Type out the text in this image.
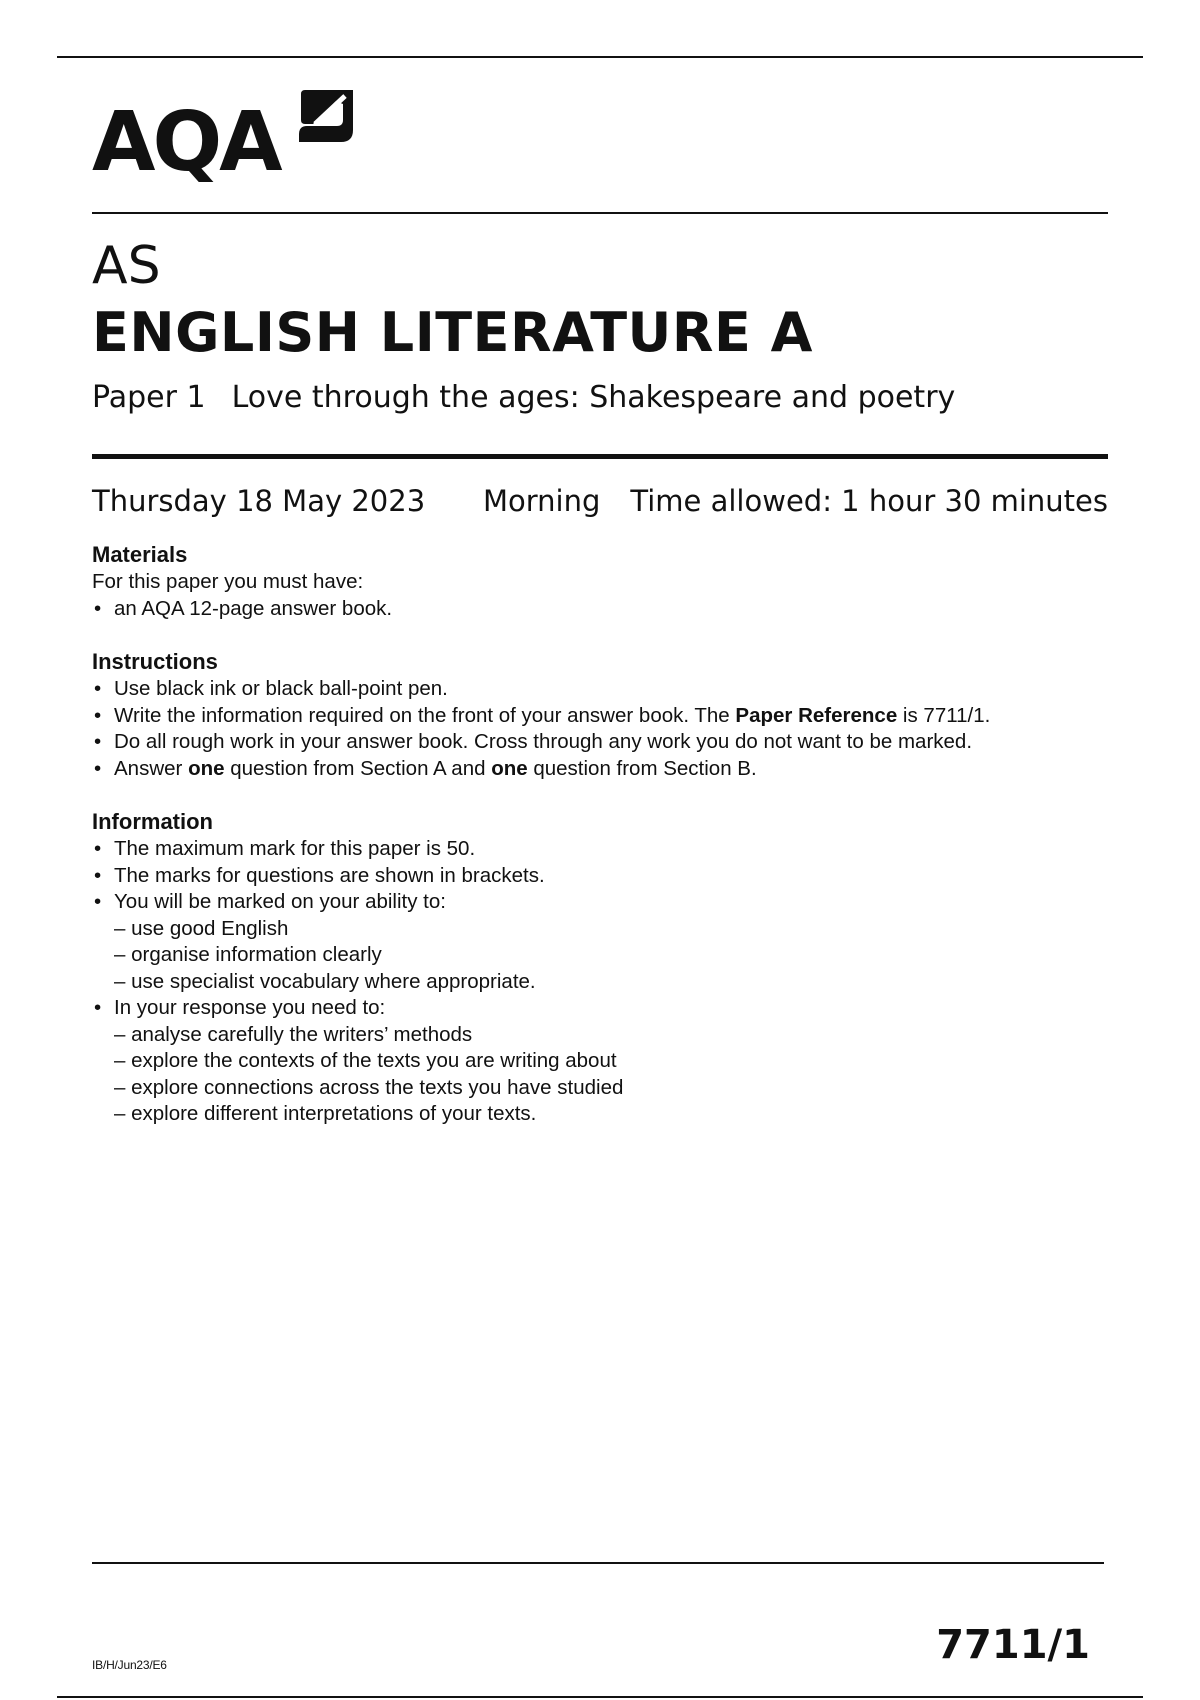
AQA
AS
ENGLISH LITERATURE A
Paper 1 Love through the ages: Shakespeare and poetry
Thursday 18 May 2023 Morning Time allowed: 1 hour 30 minutes
Materials

For this paper you must have:

• an AQA 12-page answer book.
Instructions
• Use black ink or black ball-point pen.
• Write the information required on the front of your answer book. The Paper Reference is 7711/1.
• Do all rough work in your answer book. Cross through any work you do not want to be marked.
• Answer one question from Section A and one question from Section B.
Information
• The maximum mark for this paper is 50.
• The marks for questions are shown in brackets.
• You will be marked on your ability to:
– use good English
– organise information clearly
– use specialist vocabulary where appropriate.
• In your response you need to:
– analyse carefully the writers’ methods
– explore the contexts of the texts you are writing about
– explore connections across the texts you have studied
– explore different interpretations of your texts.
IB/H/Jun23/E6	7711/1
